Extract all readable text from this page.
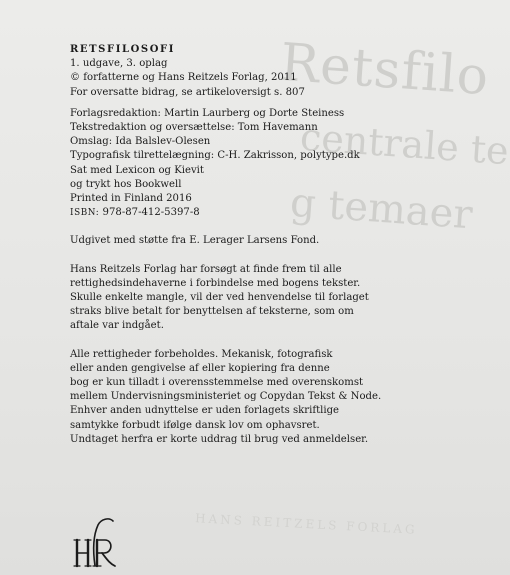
Retsfilo
centrale te
g temaer
HANS REITZELS FORLAG
RETSFILOSOFI
1. udgave, 3. oplag
© forfatterne og Hans Reitzels Forlag, 2011
For oversatte bidrag, se artikeloversigt s. 807
Forlagsredaktion: Martin Laurberg og Dorte Steiness
Tekstredaktion og oversættelse: Tom Havemann
Omslag: Ida Balslev-Olesen
Typografisk tilrettelægning: C-H. Zakrisson, polytype.dk
Sat med Lexicon og Kievit
og trykt hos Bookwell
Printed in Finland 2016
ISBN: 978-87-412-5397-8
Udgivet med støtte fra E. Lerager Larsens Fond.
Hans Reitzels Forlag har forsøgt at finde frem til alle
rettighedsindehaverne i forbindelse med bogens tekster.
Skulle enkelte mangle, vil der ved henvendelse til forlaget
straks blive betalt for benyttelsen af teksterne, som om
aftale var indgået.
Alle rettigheder forbeholdes. Mekanisk, fotografisk
eller anden gengivelse af eller kopiering fra denne
bog er kun tilladt i overensstemmelse med overenskomst
mellem Undervisningsministeriet og Copydan Tekst & Node.
Enhver anden udnyttelse er uden forlagets skriftlige
samtykke forbudt ifølge dansk lov om ophavsret.
Undtaget herfra er korte uddrag til brug ved anmeldelser.
